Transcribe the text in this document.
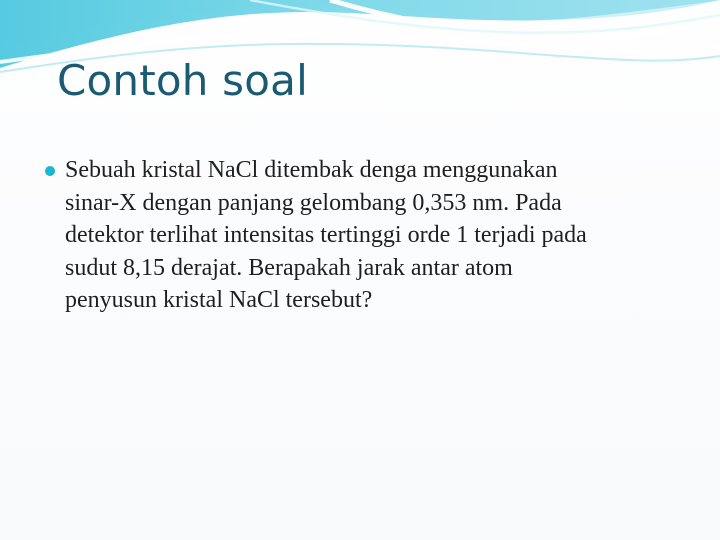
Contoh soal
Sebuah kristal NaCl ditembak denga menggunakan
sinar-X dengan panjang gelombang 0,353 nm. Pada
detektor terlihat intensitas tertinggi orde 1 terjadi pada
sudut 8,15 derajat. Berapakah jarak antar atom
penyusun kristal NaCl tersebut?
